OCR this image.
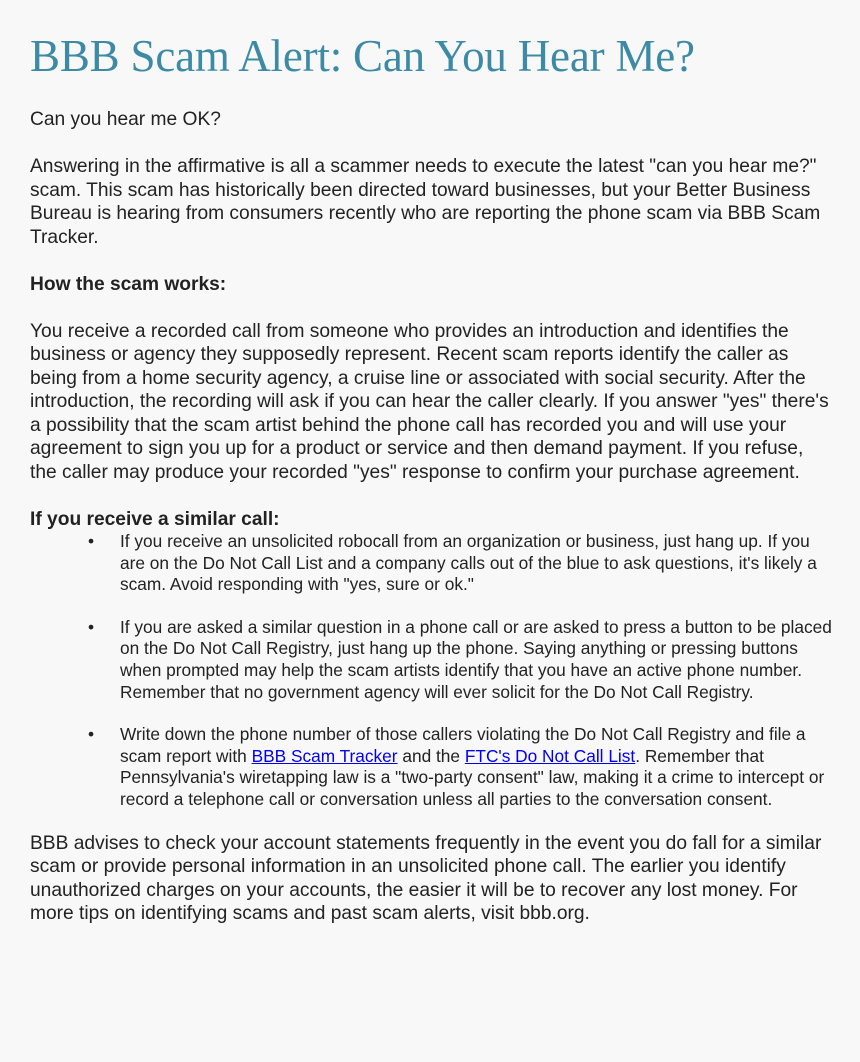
BBB Scam Alert: Can You Hear Me?

Can you hear me OK?

Answering in the affirmative is all a scammer needs to execute the latest "can you hear me?" scam. This scam has historically been directed toward businesses, but your Better Business Bureau is hearing from consumers recently who are reporting the phone scam via BBB Scam Tracker.

How the scam works:

You receive a recorded call from someone who provides an introduction and identifies the business or agency they supposedly represent. Recent scam reports identify the caller as being from a home security agency, a cruise line or associated with social security. After the introduction, the recording will ask if you can hear the caller clearly. If you answer "yes" there's a possibility that the scam artist behind the phone call has recorded you and will use your agreement to sign you up for a product or service and then demand payment. If you refuse, the caller may produce your recorded "yes" response to confirm your purchase agreement.

If you receive a similar call:

• If you receive an unsolicited robocall from an organization or business, just hang up. If you are on the Do Not Call List and a company calls out of the blue to ask questions, it's likely a scam. Avoid responding with "yes, sure or ok."
• If you are asked a similar question in a phone call or are asked to press a button to be placed on the Do Not Call Registry, just hang up the phone. Saying anything or pressing buttons when prompted may help the scam artists identify that you have an active phone number. Remember that no government agency will ever solicit for the Do Not Call Registry.
• Write down the phone number of those callers violating the Do Not Call Registry and file a scam report with BBB Scam Tracker and the FTC's Do Not Call List. Remember that Pennsylvania's wiretapping law is a "two-party consent" law, making it a crime to intercept or record a telephone call or conversation unless all parties to the conversation consent.

BBB advises to check your account statements frequently in the event you do fall for a similar scam or provide personal information in an unsolicited phone call. The earlier you identify unauthorized charges on your accounts, the easier it will be to recover any lost money. For more tips on identifying scams and past scam alerts, visit bbb.org.
